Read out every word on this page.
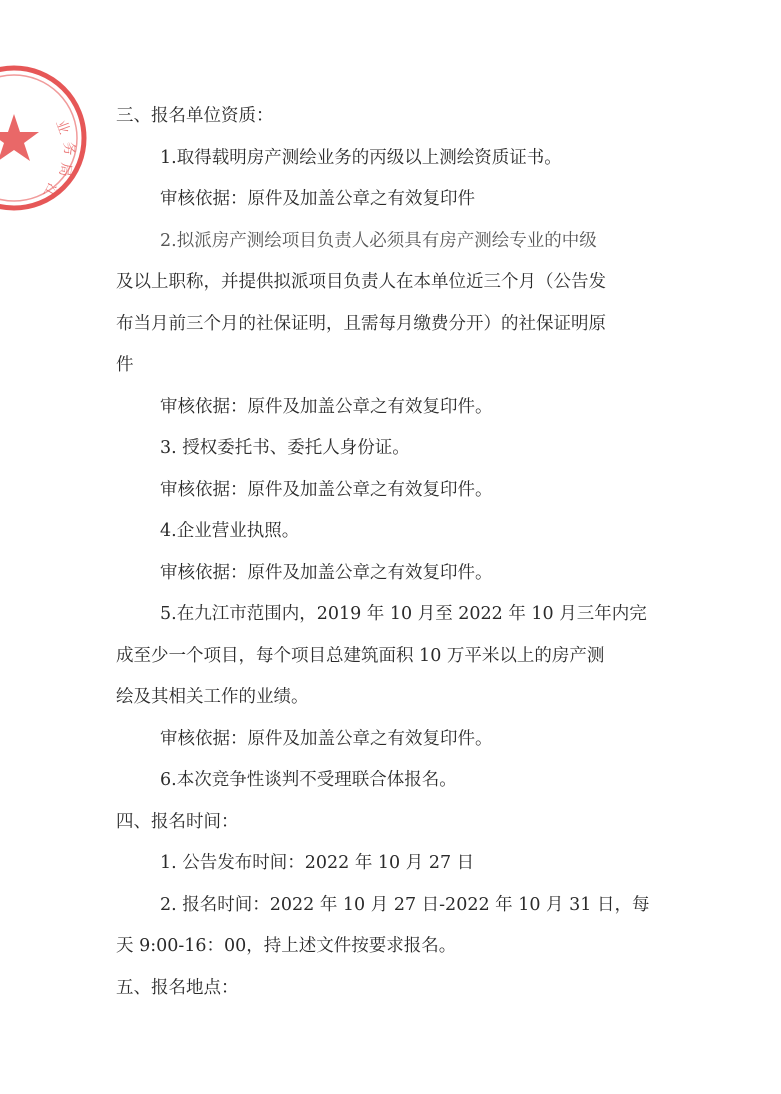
业
务
局
江
三、报名单位资质：
1.取得载明房产测绘业务的丙级以上测绘资质证书。
审核依据：原件及加盖公章之有效复印件
2.拟派房产测绘项目负责人必须具有房产测绘专业的中级
及以上职称，并提供拟派项目负责人在本单位近三个月（公告发
布当月前三个月的社保证明，且需每月缴费分开）的社保证明原
件
审核依据：原件及加盖公章之有效复印件。
3. 授权委托书、委托人身份证。
审核依据：原件及加盖公章之有效复印件。
4.企业营业执照。
审核依据：原件及加盖公章之有效复印件。
5.在九江市范围内，2019 年 10 月至 2022 年 10 月三年内完
成至少一个项目，每个项目总建筑面积 10 万平米以上的房产测
绘及其相关工作的业绩。
审核依据：原件及加盖公章之有效复印件。
6.本次竞争性谈判不受理联合体报名。
四、报名时间：
1. 公告发布时间：2022 年 10 月 27 日
2. 报名时间：2022 年 10 月 27 日-2022 年 10 月 31 日，每
天 9:00-16：00，持上述文件按要求报名。
五、报名地点：
